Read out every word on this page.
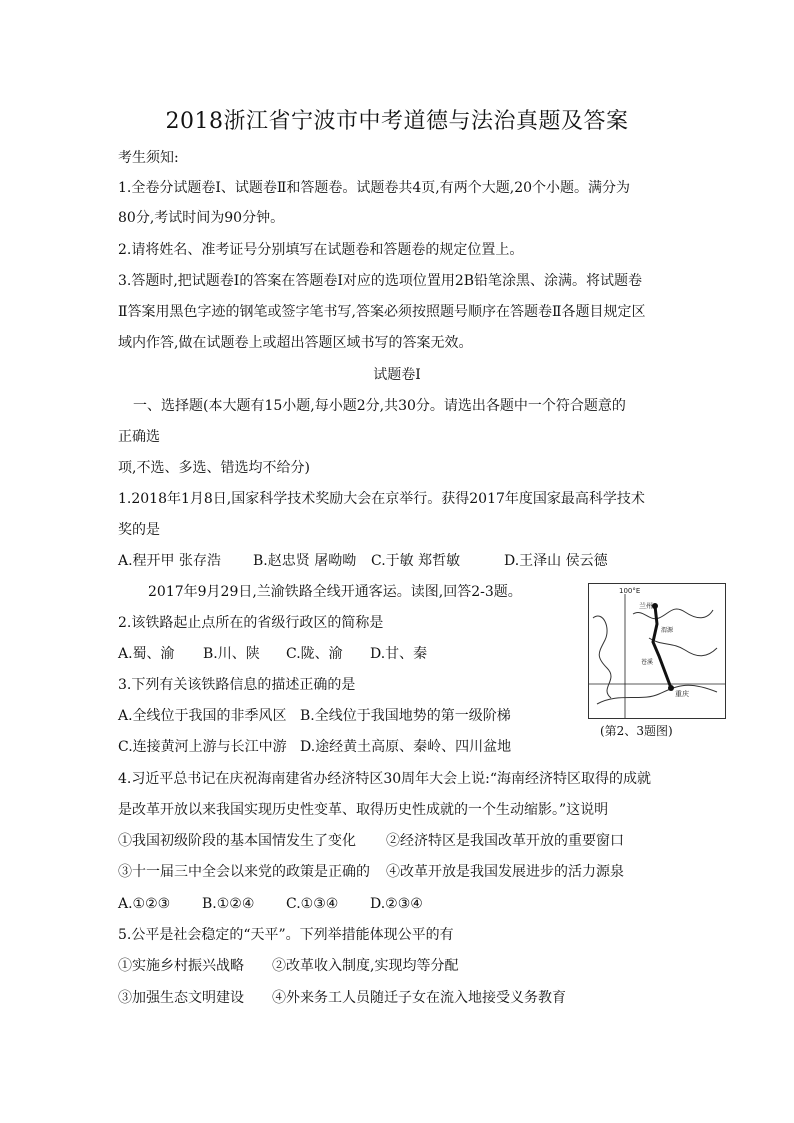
2018浙江省宁波市中考道德与法治真题及答案
考生须知:
1.全卷分试题卷I、试题卷Ⅱ和答题卷。试题卷共4页,有两个大题,20个小题。满分为
80分,考试时间为90分钟。
2.请将姓名、准考证号分别填写在试题卷和答题卷的规定位置上。
3.答题时,把试题卷I的答案在答题卷I对应的选项位置用2B铅笔涂黑、涂满。将试题卷
Ⅱ答案用黑色字迹的钢笔或签字笔书写,答案必须按照题号顺序在答题卷Ⅱ各题目规定区
域内作答,做在试题卷上或超出答题区域书写的答案无效。
试题卷I
一、选择题(本大题有15小题,每小题2分,共30分。请选出各题中一个符合题意的
正确选
项,不选、多选、错选均不给分)
1.2018年1月8日,国家科学技术奖励大会在京举行。获得2017年度国家最高科学技术
奖的是
A.程开甲 张存浩 B.赵忠贤 屠呦呦 C.于敏 郑哲敏	D.王泽山 侯云德
2017年9月29日,兰渝铁路全线开通客运。读图,回答2-3题。
2.该铁路起止点所在的省级行政区的简称是
A.蜀、渝 B.川、陕 C.陇、渝 D.甘、秦
3.下列有关该铁路信息的描述正确的是
A.全线位于我国的非季风区 B.全线位于我国地势的第一级阶梯
C.连接黄河上游与长江中游 D.途经黄土高原、秦岭、四川盆地
100°E
兰州
渭源
苍溪
重庆
(第2、3题图)
4.习近平总书记在庆祝海南建省办经济特区30周年大会上说:“海南经济特区取得的成就
是改革开放以来我国实现历史性变革、取得历史性成就的一个生动缩影。”这说明
①我国初级阶段的基本国情发生了变化 ②经济特区是我国改革开放的重要窗口
③十一届三中全会以来党的政策是正确的 ④改革开放是我国发展进步的活力源泉
A.①②③ B.①②④ C.①③④ D.②③④
5.公平是社会稳定的“天平”。下列举措能体现公平的有
①实施乡村振兴战略 ②改革收入制度,实现均等分配
③加强生态文明建设 ④外来务工人员随迁子女在流入地接受义务教育
